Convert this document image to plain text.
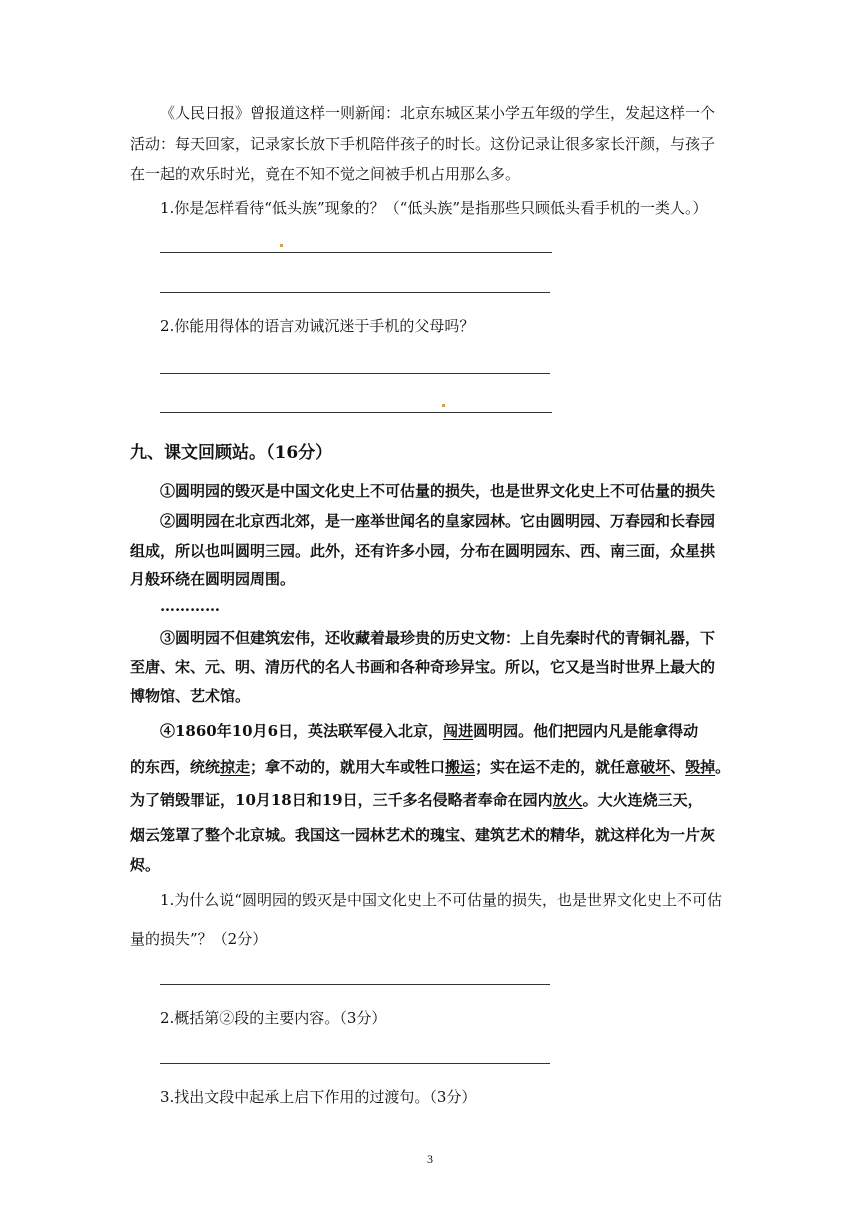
《人民日报》曾报道这样一则新闻：北京东城区某小学五年级的学生，发起这样一个
活动：每天回家，记录家长放下手机陪伴孩子的时长。这份记录让很多家长汗颜，与孩子
在一起的欢乐时光，竟在不知不觉之间被手机占用那么多。
1.你是怎样看待“低头族”现象的？（“低头族”是指那些只顾低头看手机的一类人。）
2.你能用得体的语言劝诫沉迷于手机的父母吗？
九、课文回顾站。（16分）
①圆明园的毁灭是中国文化史上不可估量的损失，也是世界文化史上不可估量的损失
②圆明园在北京西北郊，是一座举世闻名的皇家园林。它由圆明园、万春园和长春园
组成，所以也叫圆明三园。此外，还有许多小园，分布在圆明园东、西、南三面，众星拱
月般环绕在圆明园周围。
…………
③圆明园不但建筑宏伟，还收藏着最珍贵的历史文物：上自先秦时代的青铜礼器，下
至唐、宋、元、明、清历代的名人书画和各种奇珍异宝。所以，它又是当时世界上最大的
博物馆、艺术馆。
④1860年10月6日，英法联军侵入北京，闯进圆明园。他们把园内凡是能拿得动
的东西，统统掠走；拿不动的，就用大车或牲口搬运；实在运不走的，就任意破坏、毁掉。
为了销毁罪证，10月18日和19日，三千多名侵略者奉命在园内放火。大火连烧三天，
烟云笼罩了整个北京城。我国这一园林艺术的瑰宝、建筑艺术的精华，就这样化为一片灰
烬。
1.为什么说“圆明园的毁灭是中国文化史上不可估量的损失，也是世界文化史上不可估
量的损失”？（2分）
2.概括第②段的主要内容。（3分）
3.找出文段中起承上启下作用的过渡句。（3分）
3
